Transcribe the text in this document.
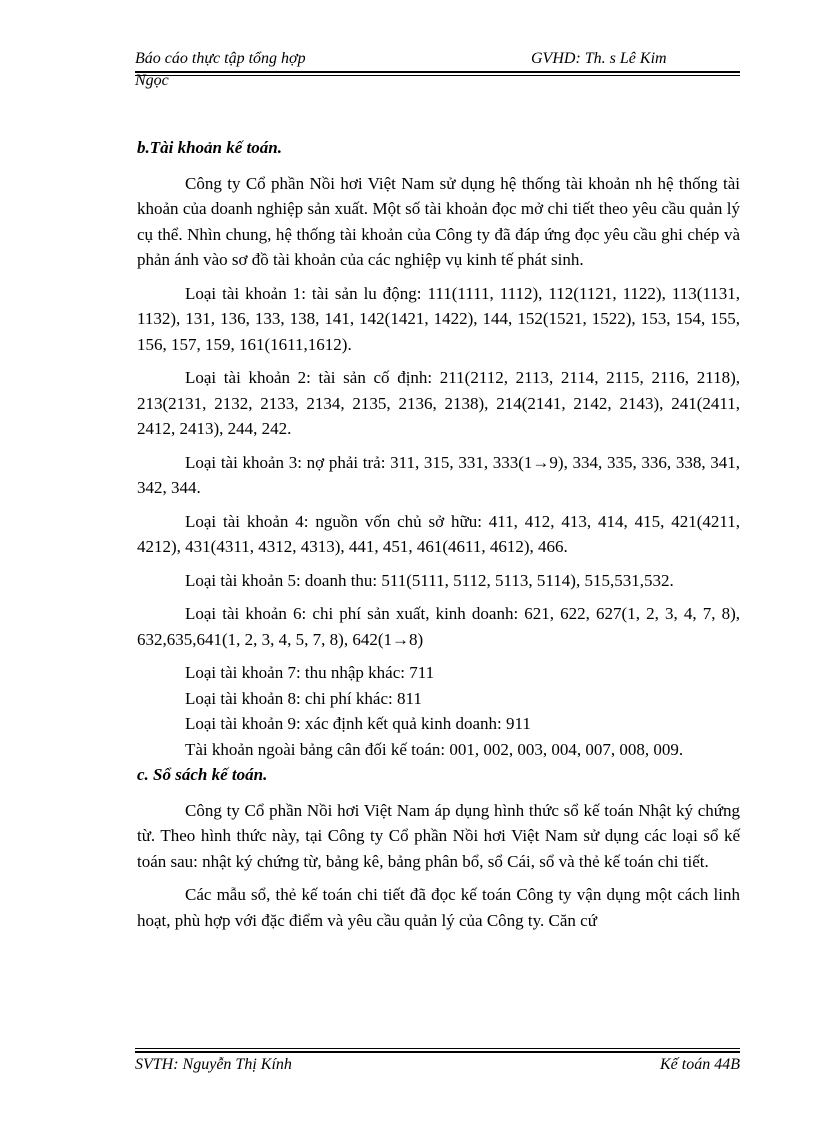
Báo cáo thực tập tổng hợp	GVHD: Th. s Lê Kim
Ngọc

b.Tài khoản kế toán.

Công ty Cổ phần Nồi hơi Việt Nam sử dụng hệ thống tài khoản nh hệ thống tài khoản của doanh nghiệp sản xuất. Một số tài khoản đọc mở chi tiết theo yêu cầu quản lý cụ thể. Nhìn chung, hệ thống tài khoản của Công ty đã đáp ứng đọc yêu cầu ghi chép và phản ánh vào sơ đồ tài khoản của các nghiệp vụ kinh tế phát sinh.

Loại tài khoản 1: tài sản lu động: 111(1111, 1112), 112(1121, 1122), 113(1131, 1132), 131, 136, 133, 138, 141, 142(1421, 1422), 144, 152(1521, 1522), 153, 154, 155, 156, 157, 159, 161(1611,1612).

Loại tài khoản 2: tài sản cố định: 211(2112, 2113, 2114, 2115, 2116, 2118), 213(2131, 2132, 2133, 2134, 2135, 2136, 2138), 214(2141, 2142, 2143), 241(2411, 2412, 2413), 244, 242.

Loại tài khoản 3: nợ phải trả: 311, 315, 331, 333(1→9), 334, 335, 336, 338, 341, 342, 344.

Loại tài khoản 4: nguồn vốn chủ sở hữu: 411, 412, 413, 414, 415, 421(4211, 4212), 431(4311, 4312, 4313), 441, 451, 461(4611, 4612), 466.

Loại tài khoản 5: doanh thu: 511(5111, 5112, 5113, 5114), 515,531,532.

Loại tài khoản 6: chi phí sản xuất, kinh doanh: 621, 622, 627(1, 2, 3, 4, 7, 8), 632,635,641(1, 2, 3, 4, 5, 7, 8), 642(1→8)

Loại tài khoản 7: thu nhập khác: 711

Loại tài khoản 8: chi phí khác: 811

Loại tài khoản 9: xác định kết quả kinh doanh: 911

Tài khoản ngoài bảng cân đối kế toán: 001, 002, 003, 004, 007, 008, 009.

c. Sổ sách kế toán.

Công ty Cổ phần Nồi hơi Việt Nam áp dụng hình thức sổ kế toán Nhật ký chứng từ. Theo hình thức này, tại Công ty Cổ phần Nồi hơi Việt Nam sử dụng các loại sổ kế toán sau: nhật ký chứng từ, bảng kê, bảng phân bổ, sổ Cái, sổ và thẻ kế toán chi tiết.

Các mẫu sổ, thẻ kế toán chi tiết đã đọc kế toán Công ty vận dụng một cách linh hoạt, phù hợp với đặc điểm và yêu cầu quản lý của Công ty. Căn cứ

SVTH: Nguyễn Thị Kính	Kế toán 44B
